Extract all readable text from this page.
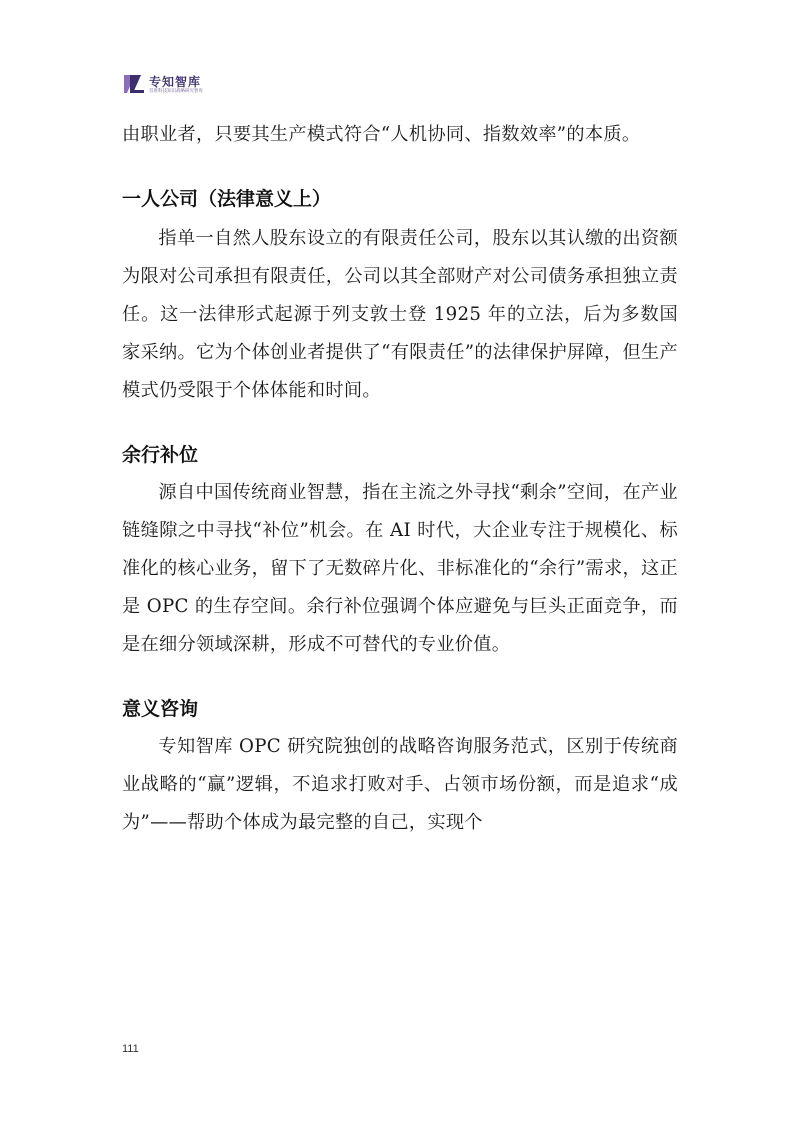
专知智库
首席科技知识战略研究智库

由职业者，只要其生产模式符合“人机协同、指数效率”的本质。

一人公司（法律意义上）

指单一自然人股东设立的有限责任公司，股东以其认缴的出资额为限对公司承担有限责任，公司以其全部财产对公司债务承担独立责任。这一法律形式起源于列支敦士登 1925 年的立法，后为多数国家采纳。它为个体创业者提供了“有限责任”的法律保护屏障，但生产模式仍受限于个体体能和时间。

余行补位

源自中国传统商业智慧，指在主流之外寻找“剩余”空间，在产业链缝隙之中寻找“补位”机会。在 AI 时代，大企业专注于规模化、标准化的核心业务，留下了无数碎片化、非标准化的“余行”需求，这正是 OPC 的生存空间。余行补位强调个体应避免与巨头正面竞争，而是在细分领域深耕，形成不可替代的专业价值。

意义咨询

专知智库 OPC 研究院独创的战略咨询服务范式，区别于传统商业战略的“赢”逻辑，不追求打败对手、占领市场份额，而是追求“成为”——帮助个体成为最完整的自己，实现个

111
